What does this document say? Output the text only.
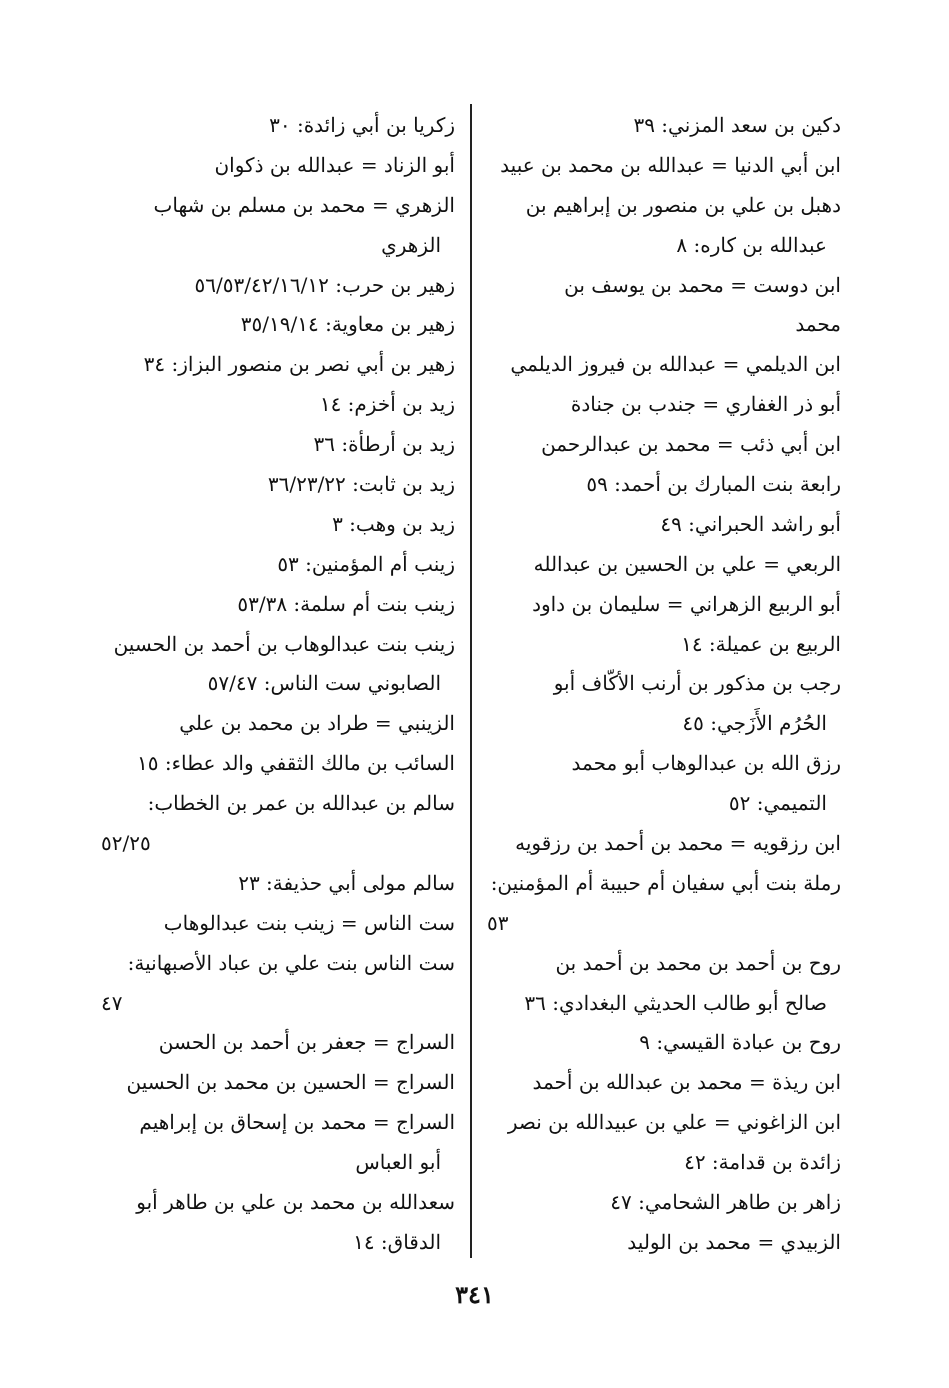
دكين بن سعد المزني: ٣٩
ابن أبي الدنيا = عبدالله بن محمد بن عبيد
دهبل بن علي بن منصور بن إبراهيم بن
عبدالله بن كاره: ٨
ابن دوست = محمد بن يوسف بن
محمد
ابن الديلمي = عبدالله بن فيروز الديلمي
أبو ذر الغفاري = جندب بن جنادة
ابن أبي ذئب = محمد بن عبدالرحمن
رابعة بنت المبارك بن أحمد: ٥٩
أبو راشد الحبراني: ٤٩
الربعي = علي بن الحسين بن عبدالله
أبو الربيع الزهراني = سليمان بن داود
الربيع بن عميلة: ١٤
رجب بن مذكور بن أرنب الأكّاف أبو
الحُرُم الأَزَجي: ٤٥
رزق الله بن عبدالوهاب أبو محمد
التميمي: ٥٢
ابن رزقويه = محمد بن أحمد بن رزقويه
رملة بنت أبي سفيان أم حبيبة أم المؤمنين:
٥٣
روح بن أحمد بن محمد بن أحمد بن
صالح أبو طالب الحديثي البغدادي: ٣٦
روح بن عبادة القيسي: ٩
ابن ريذة = محمد بن عبدالله بن أحمد
ابن الزاغوني = علي بن عبيدالله بن نصر
زائدة بن قدامة: ٤٢
زاهر بن طاهر الشحامي: ٤٧
الزبيدي = محمد بن الوليد
زكريا بن أبي زائدة: ٣٠
أبو الزناد = عبدالله بن ذكوان
الزهري = محمد بن مسلم بن شهاب
الزهري
زهير بن حرب: ٥٦/٥٣/٤٢/١٦/١٢
زهير بن معاوية: ٣٥/١٩/١٤
زهير بن أبي نصر بن منصور البزاز: ٣٤
زيد بن أخزم: ١٤
زيد بن أرطأة: ٣٦
زيد بن ثابت: ٣٦/٢٣/٢٢
زيد بن وهب: ٣
زينب أم المؤمنين: ٥٣
زينب بنت أم سلمة: ٥٣/٣٨
زينب بنت عبدالوهاب بن أحمد بن الحسين
الصابوني ست الناس: ٥٧/٤٧
الزينبي = طراد بن محمد بن علي
السائب بن مالك الثقفي والد عطاء: ١٥
سالم بن عبدالله بن عمر بن الخطاب:
٥٢/٢٥
سالم مولى أبي حذيفة: ٢٣
ست الناس = زينب بنت عبدالوهاب
ست الناس بنت علي بن عباد الأصبهانية:
٤٧
السراج = جعفر بن أحمد بن الحسن
السراج = الحسين بن محمد بن الحسين
السراج = محمد بن إسحاق بن إبراهيم
أبو العباس
سعدالله بن محمد بن علي بن طاهر أبو
الدقاق: ١٤
٣٤١
